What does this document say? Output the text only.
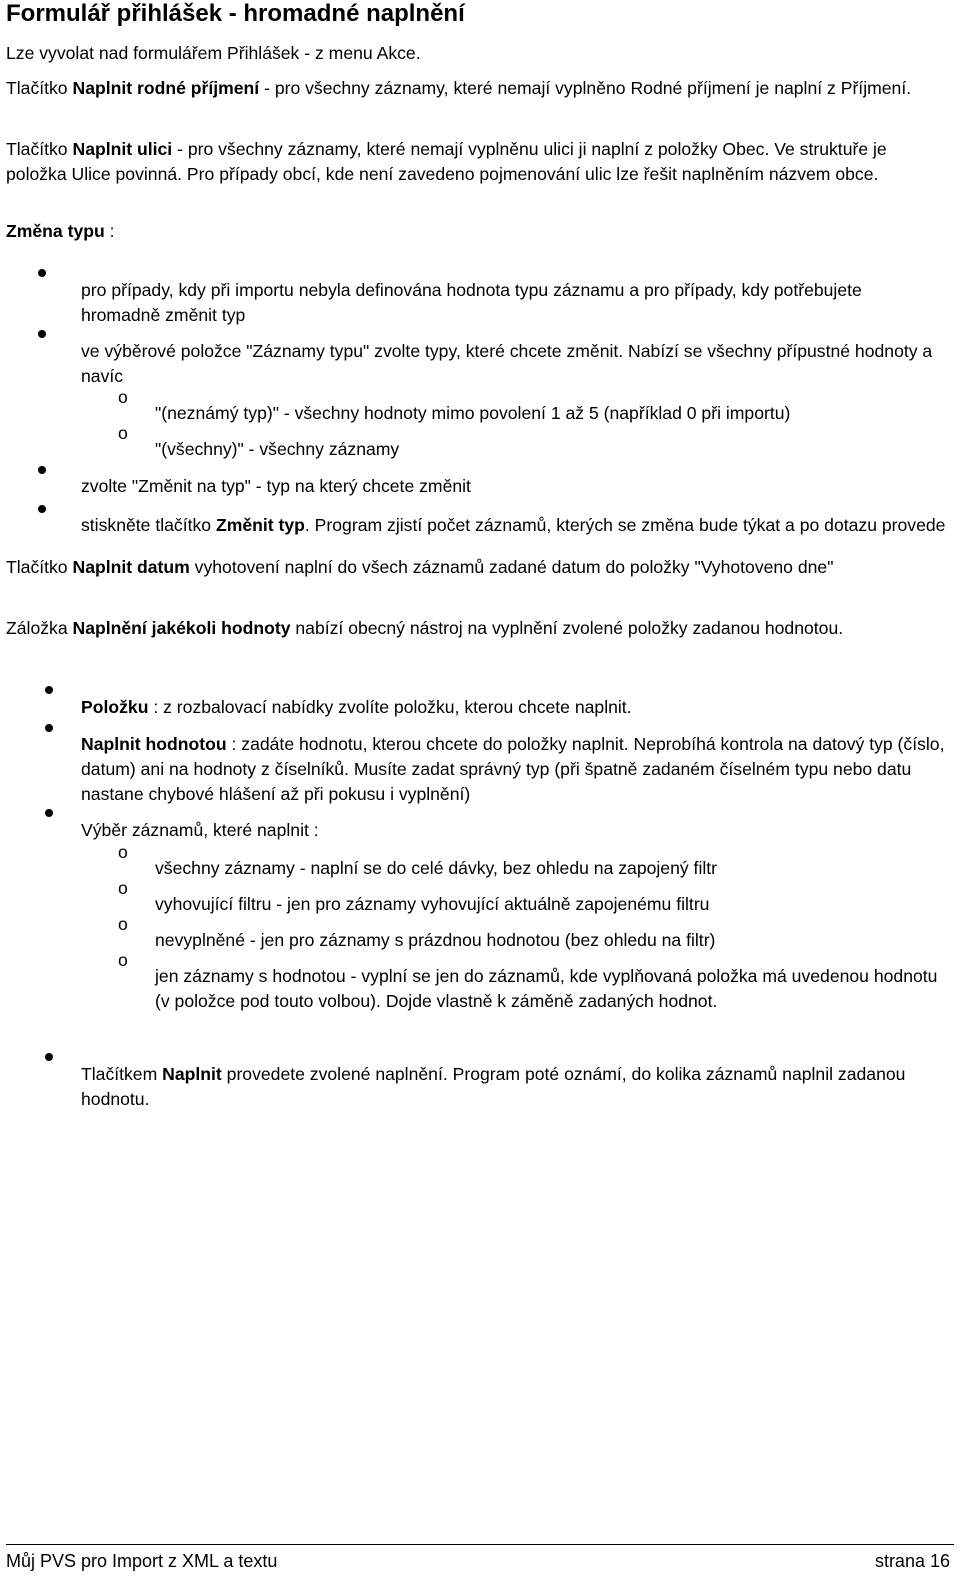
Formulář přihlášek - hromadné naplnění

Lze vyvolat nad formulářem Přihlášek - z menu Akce.

Tlačítko Naplnit rodné příjmení - pro všechny záznamy, které nemají vyplněno Rodné příjmení je naplní z Příjmení.

Tlačítko Naplnit ulici - pro všechny záznamy, které nemají vyplněnu ulici ji naplní z položky Obec. Ve struktuře je položka Ulice povinná. Pro případy obcí, kde není zavedeno pojmenování ulic lze řešit naplněním názvem obce.

Změna typu :

pro případy, kdy při importu nebyla definována hodnota typu záznamu a pro případy, kdy potřebujete hromadně změnit typ

ve výběrové položce "Záznamy typu" zvolte typy, které chcete změnit. Nabízí se všechny přípustné hodnoty a navíc

o

"(neznámý typ)" - všechny hodnoty mimo povolení 1 až 5 (například 0 při importu)

o

"(všechny)" - všechny záznamy

zvolte "Změnit na typ" - typ na který chcete změnit

stiskněte tlačítko Změnit typ. Program zjistí počet záznamů, kterých se změna bude týkat a po dotazu provede

Tlačítko Naplnit datum vyhotovení naplní do všech záznamů zadané datum do položky "Vyhotoveno dne"

Záložka Naplnění jakékoli hodnoty nabízí obecný nástroj na vyplnění zvolené položky zadanou hodnotou.

Položku : z rozbalovací nabídky zvolíte položku, kterou chcete naplnit.

Naplnit hodnotou : zadáte hodnotu, kterou chcete do položky naplnit. Neprobíhá kontrola na datový typ (číslo, datum) ani na hodnoty z číselníků. Musíte zadat správný typ (při špatně zadaném číselném typu nebo datu nastane chybové hlášení až při pokusu i vyplnění)

Výběr záznamů, které naplnit :

o

všechny záznamy - naplní se do celé dávky, bez ohledu na zapojený filtr

o

vyhovující filtru - jen pro záznamy vyhovující aktuálně zapojenému filtru

o

nevyplněné - jen pro záznamy s prázdnou hodnotou (bez ohledu na filtr)

o

jen záznamy s hodnotou - vyplní se jen do záznamů, kde vyplňovaná položka má uvedenou hodnotu (v položce pod touto volbou). Dojde vlastně k záměně zadaných hodnot.

Tlačítkem Naplnit provedete zvolené naplnění. Program poté oznámí, do kolika záznamů naplnil zadanou hodnotu.

Můj PVS pro Import z XML a textu	strana 16
